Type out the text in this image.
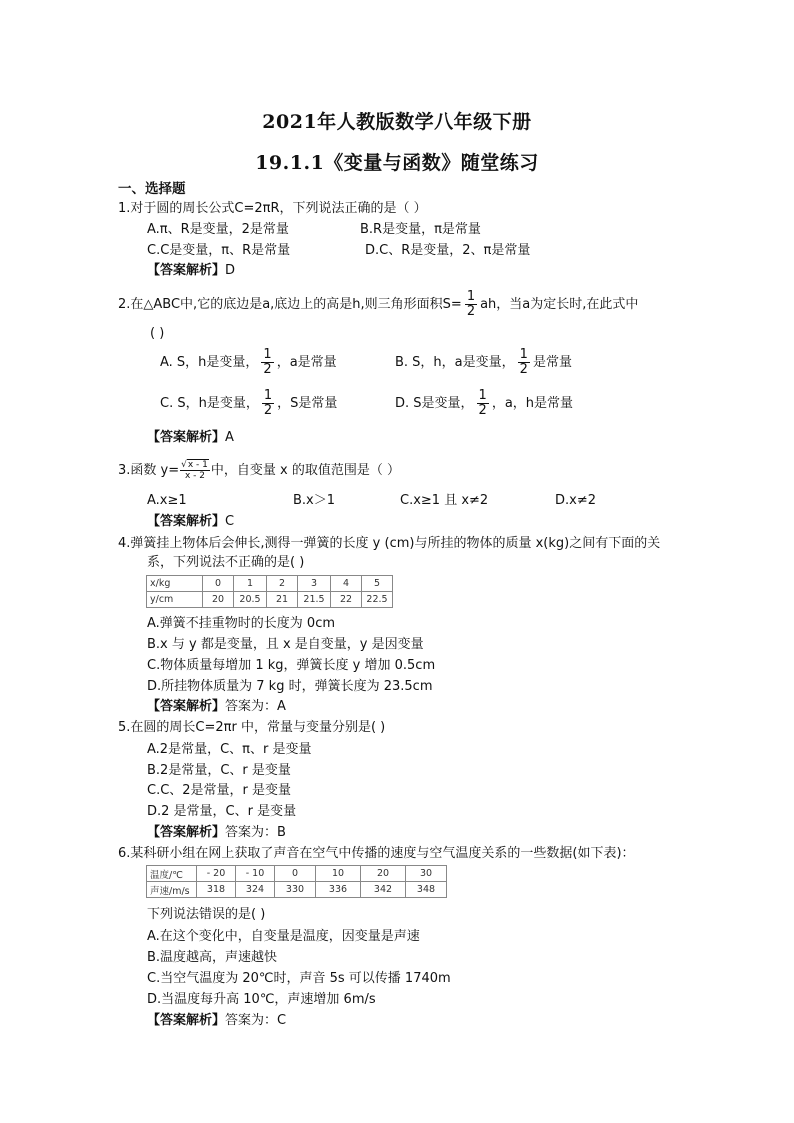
2021年人教版数学八年级下册
19.1.1《变量与函数》随堂练习
一、选择题
1.对于圆的周长公式C=2πR，下列说法正确的是（ ）
A.π、R是变量，2是常量	B.R是变量，π是常量
C.C是变量，π、R是常量	D.C、R是变量，2、π是常量
【答案解析】D
2.在△ABC中,它的底边是a,底边上的高是h,则三角形面积$S= \frac{1}{2}$ ah，当a为定长时,在此式中
( )
A. S，h是变量， $\frac{1}{2}$ ，a是常量	B. S，h，a是变量， $\frac{1}{2}$ 是常量
C. S，h是变量， $\frac{1}{2}$ ，S是常量	D. S是变量， $\frac{1}{2}$ ，a，h是常量
【答案解析】A
3.函数 $y= \frac{√x - 1}{x - 2}$ 中，自变量 x 的取值范围是（ ）
A.x≥1	B.x＞1	C.x≥1 且 x≠2	D.x≠2
【答案解析】C
4.弹簧挂上物体后会伸长,测得一弹簧的长度 y (cm)与所挂的物体的质量 x(kg)之间有下面的关
系，下列说法不正确的是( )
x/kg	0	1	2	3	4	5
y/cm	20	20.5	21	21.5	22	22.5
A.弹簧不挂重物时的长度为 0cm
B.x 与 y 都是变量，且 x 是自变量，y 是因变量
C.物体质量每增加 1 kg，弹簧长度 y 增加 0.5cm
D.所挂物体质量为 7 kg 时，弹簧长度为 23.5cm
【答案解析】答案为：A
5.在圆的周长C=2πr 中，常量与变量分别是( )
A.2是常量，C、π、r 是变量
B.2是常量，C、r 是变量
C.C、2是常量，r 是变量
D.2 是常量，C、r 是变量
【答案解析】答案为：B
6.某科研小组在网上获取了声音在空气中传播的速度与空气温度关系的一些数据(如下表)：
温度/℃	- 20	- 10	0	10	20	30
声速/m/s	318	324	330	336	342	348
下列说法错误的是( )
A.在这个变化中，自变量是温度，因变量是声速
B.温度越高，声速越快
C.当空气温度为 20℃时，声音 5s 可以传播 1740m
D.当温度每升高 10℃，声速增加 6m/s
【答案解析】答案为：C
